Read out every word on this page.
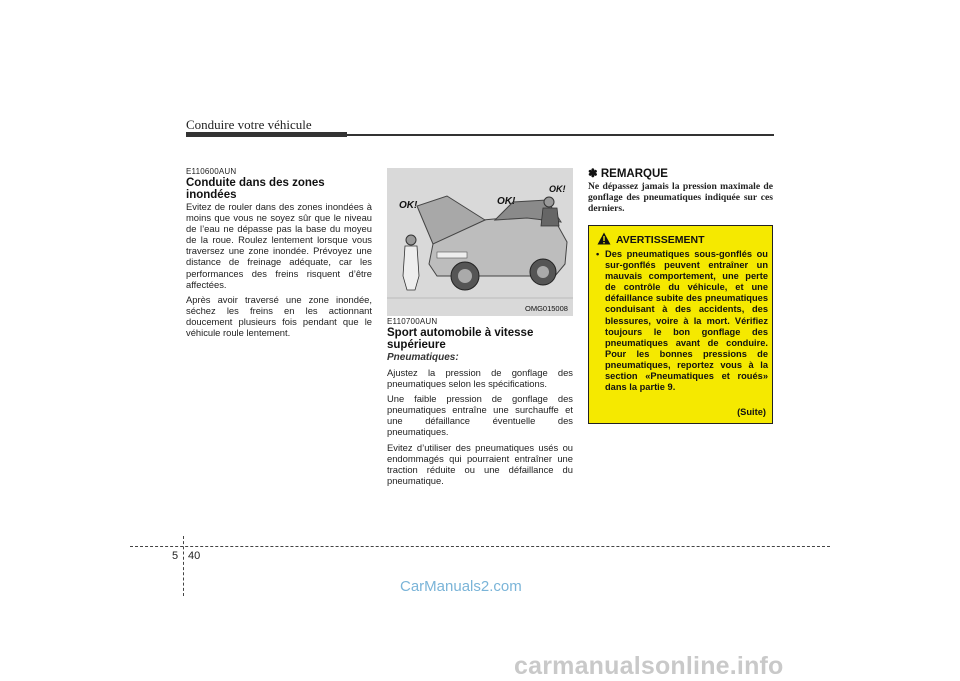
Conduire votre véhicule
E110600AUN
Conduite dans des zones
inondées

Evitez de rouler dans des zones inondées à moins que vous ne soyez sûr que le niveau de l’eau ne dépasse pas la base du moyeu de la roue. Roulez lentement lorsque vous traversez une zone inondée. Prévoyez une distance de freinage adéquate, car les performances des freins risquent d’être affectées.

Après avoir traversé une zone inondée, séchez les freins en les actionnant doucement plusieurs fois pendant que le véhicule roule lentement.

OK!	OK!
OK!
OMG015008
E110700AUN
Sport automobile à vitesse
supérieure
Pneumatiques:

Ajustez la pression de gonflage des pneumatiques selon les spécifications.

Une faible pression de gonflage des pneumatiques entraîne une surchauffe et une défaillance éventuelle des pneumatiques.

Evitez d’utiliser des pneumatiques usés ou endommagés qui pourraient entraîner une traction réduite ou une défaillance du pneumatique.

✽ REMARQUE
Ne dépassez jamais la pression maximale de gonflage des pneumatiques indiquée sur ces derniers.
AVERTISSEMENT
• Des pneumatiques sous-gonflés ou sur-gonflés peuvent entraîner un mauvais comportement, une perte de contrôle du véhicule, et une défaillance subite des pneumatiques conduisant à des accidents, des blessures, voire à la mort. Vérifiez toujours le bon gonflage des pneumatiques avant de conduire. Pour les bonnes pressions de pneumatiques, reportez vous à la section «Pneumatiques et roués» dans la partie 9.
(Suite)
5 40
CarManuals2.com
carmanualsonline.info
